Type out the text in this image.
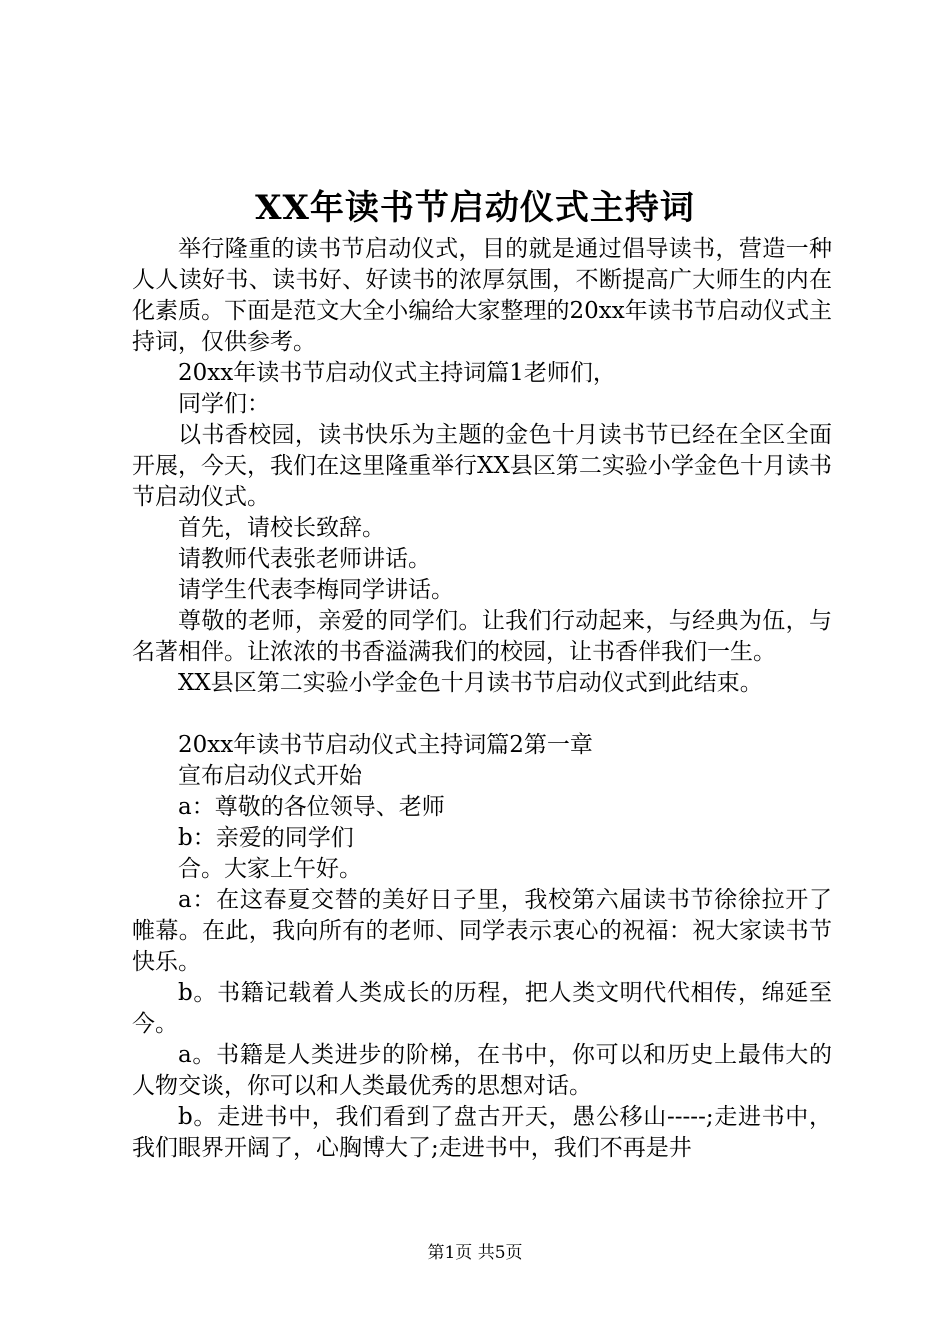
XX年读书节启动仪式主持词

举行隆重的读书节启动仪式，目的就是通过倡导读书，营造一种人人读好书、读书好、好读书的浓厚氛围，不断提高广大师生的内在化素质。下面是范文大全小编给大家整理的20xx年读书节启动仪式主持词，仅供参考。

20xx年读书节启动仪式主持词篇1老师们，

同学们：

以书香校园，读书快乐为主题的金色十月读书节已经在全区全面开展，今天，我们在这里隆重举行XX县区第二实验小学金色十月读书节启动仪式。

首先，请校长致辞。

请教师代表张老师讲话。

请学生代表李梅同学讲话。

尊敬的老师，亲爱的同学们。让我们行动起来，与经典为伍，与名著相伴。让浓浓的书香溢满我们的校园，让书香伴我们一生。

XX县区第二实验小学金色十月读书节启动仪式到此结束。

20xx年读书节启动仪式主持词篇2第一章

宣布启动仪式开始

a：尊敬的各位领导、老师

b：亲爱的同学们

合。大家上午好。

a：在这春夏交替的美好日子里，我校第六届读书节徐徐拉开了帷幕。在此，我向所有的老师、同学表示衷心的祝福：祝大家读书节快乐。

b。书籍记载着人类成长的历程，把人类文明代代相传，绵延至今。

a。书籍是人类进步的阶梯，在书中，你可以和历史上最伟大的人物交谈，你可以和人类最优秀的思想对话。

b。走进书中，我们看到了盘古开天，愚公移山-----;走进书中，我们眼界开阔了，心胸博大了;走进书中，我们不再是井

第1页 共5页
